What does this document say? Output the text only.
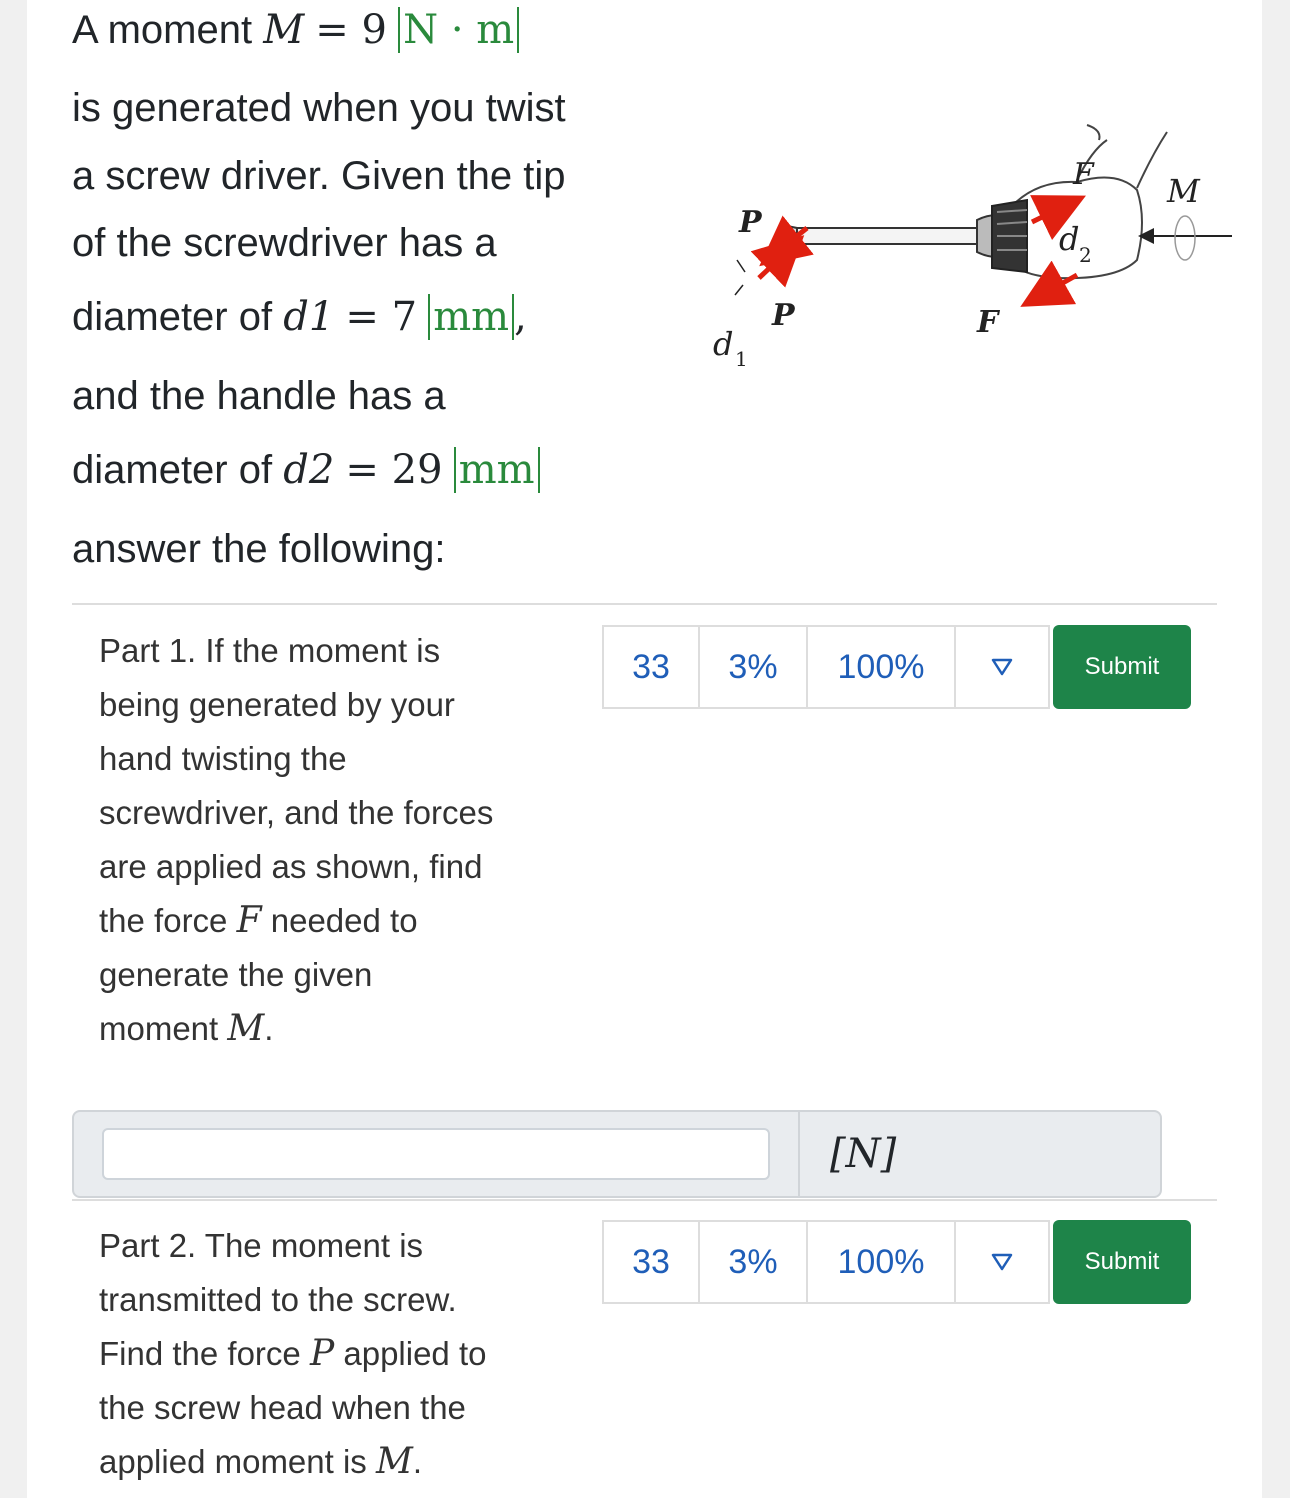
A moment M = 9 N · m
is generated when you twist
a screw driver. Given the tip
of the screwdriver has a
diameter of d1 = 7 mm ,
and the handle has a
diameter of d2 = 29 mm
answer the following:
P
P
d 1
F
F
d 2
M
Part 1. If the moment is
being generated by your
hand twisting the
screwdriver, and the forces
are applied as shown, find
the force F needed to
generate the given
moment M.
33	3%	100%	Submit
[N]
Part 2. The moment is
transmitted to the screw.
Find the force P applied to
the screw head when the
applied moment is M.
33	3%	100%	Submit
